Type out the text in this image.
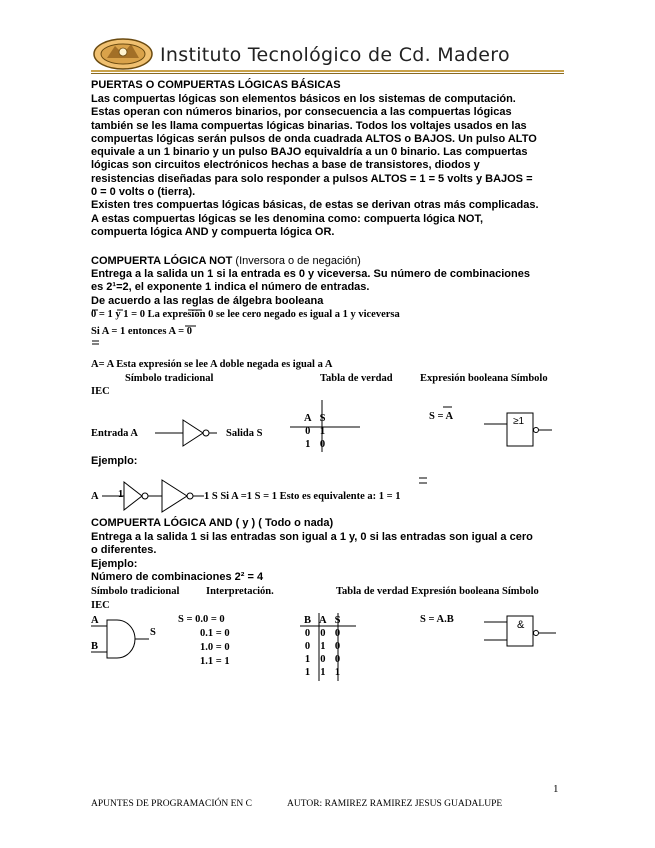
Instituto Tecnológico de Cd. Madero
PUERTAS O COMPUERTAS LÓGICAS BÁSICAS
Las compuertas lógicas son elementos básicos en los sistemas de computación.
Estas operan con números binarios, por consecuencia a las compuertas lógicas
también se les llama compuertas lógicas binarias. Todos los voltajes usados en las
compuertas lógicas serán pulsos de onda cuadrada ALTOS o BAJOS. Un pulso ALTO
equivale a un 1 binario y un pulso BAJO equivaldría a un 0 binario. Las compuertas
lógicas son circuitos electrónicos hechas a base de transistores, diodos y
resistencias diseñadas para solo responder a pulsos ALTOS = 1 = 5 volts y BAJOS =
0 = 0 volts o (tierra).
Existen tres compuertas lógicas básicas, de estas se derivan otras más complicadas.
A estas compuertas lógicas se les denomina como: compuerta lógica NOT,
compuerta lógica AND y compuerta lógica OR.
COMPUERTA LÓGICA NOT (Inversora o de negación)
Entrega a la salida un 1 si la entrada es 0 y viceversa. Su número de combinaciones
es 2¹=2, el exponente 1 indica el número de entradas.
De acuerdo a las reglas de álgebra booleana
0 = 1 y 1 = 0 La expresión 0 se lee cero negado es igual a 1 y viceversa
Si A = 1 entonces A = 0
A= A Esta expresión se lee A doble negada es igual a A
Símbolo tradicional	Tabla de verdad	Expresión booleana Símbolo
IEC
Entrada A	Salida S
A	S
0	1
1	0
S = A	≥1
Ejemplo:
A 1	1 S Si A =1 S = 1 Esto es equivalente a: 1 = 1
COMPUERTA LÓGICA AND ( y ) ( Todo o nada)
Entrega a la salida 1 si las entradas son igual a 1 y, 0 si las entradas son igual a cero
o diferentes.
Ejemplo:
Número de combinaciones 2² = 4
Símbolo tradicional	Interpretación.	Tabla de verdad Expresión booleana Símbolo
IEC
A
B
S
S = 0.0 = 0
0.1 = 0
1.0 = 0
1.1 = 1
B	A	S
0	0	0
0	1	0
1	0	0
1	1	1
S = A.B	&
1
APUNTES DE PROGRAMACIÓN EN C	AUTOR: RAMIREZ RAMIREZ JESUS GUADALUPE
